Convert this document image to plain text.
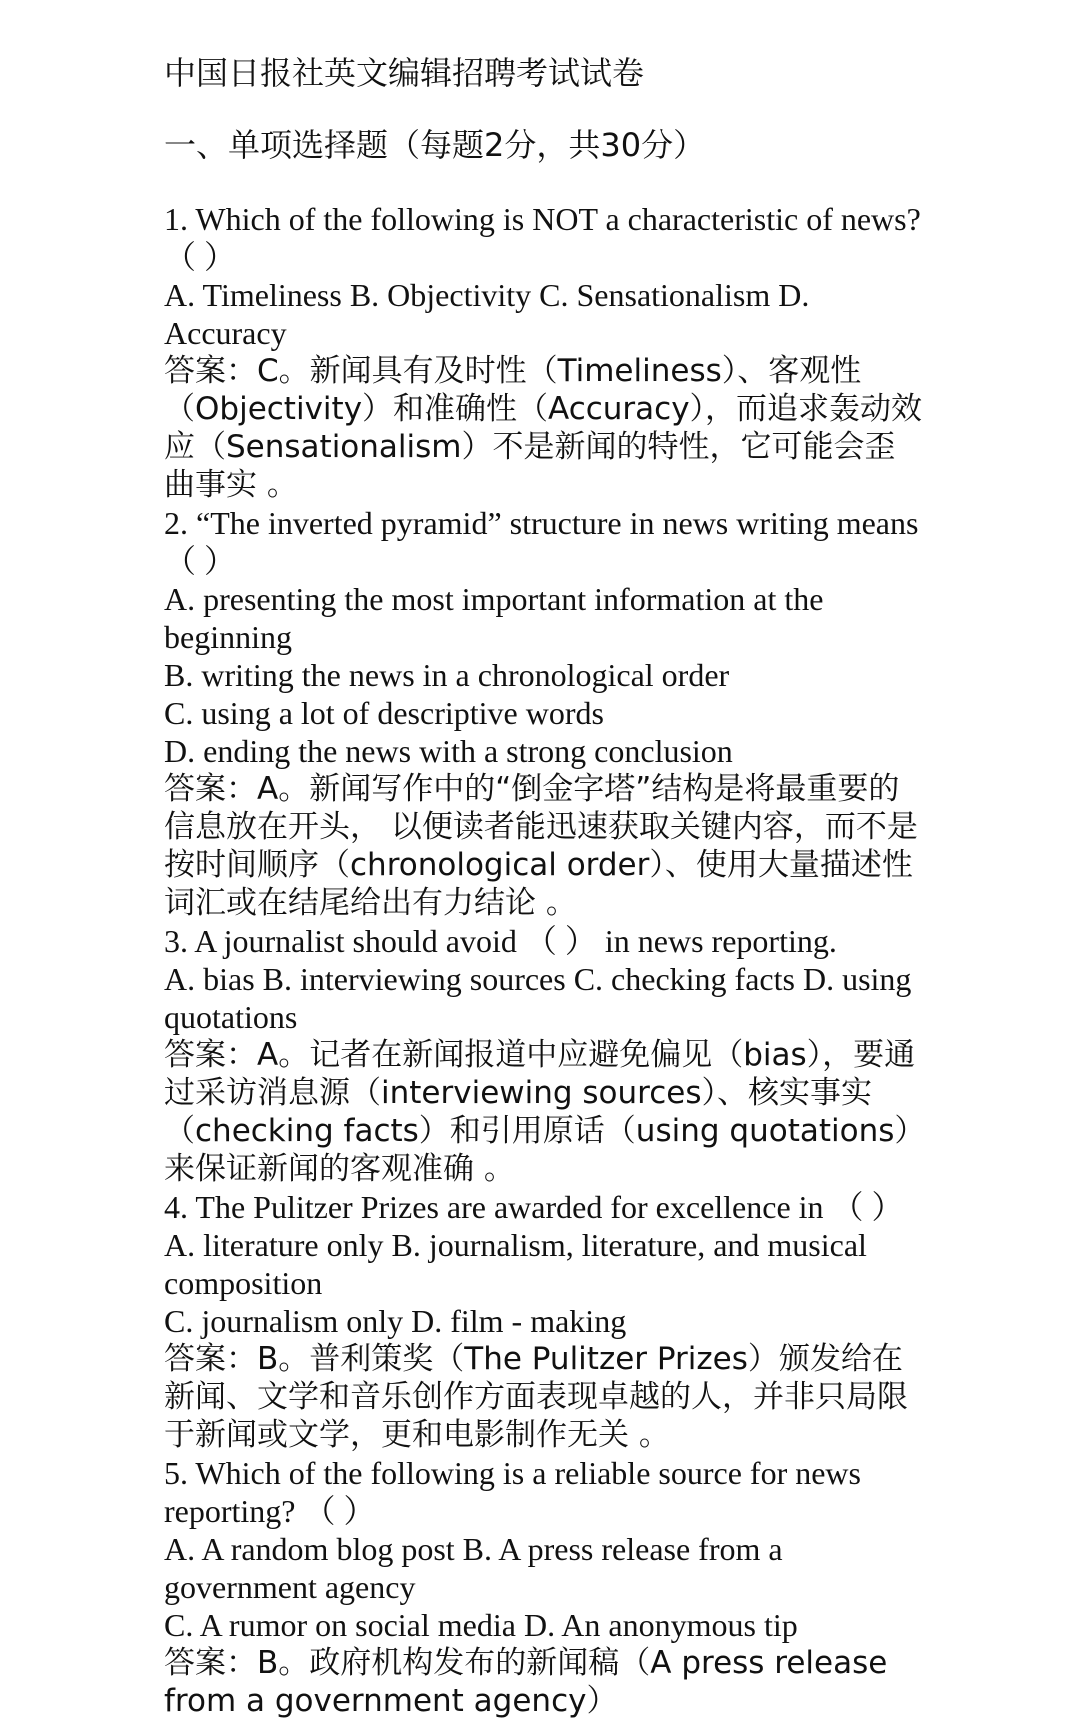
中国日报社英文编辑招聘考试试卷
一、单项选择题（每题2分，共30分）
1. Which of the following is NOT a characteristic of news? （ ）
A. Timeliness B. Objectivity C. Sensationalism D. Accuracy
答案：C。新闻具有及时性（Timeliness）、客观性（Objectivity）和准确性（Accuracy），而追求轰动效应（Sensationalism）不是新闻的特性，它可能会歪曲事实 。
2. “The inverted pyramid” structure in news writing means （ ）
A. presenting the most important information at the beginning
B. writing the news in a chronological order
C. using a lot of descriptive words
D. ending the news with a strong conclusion
答案：A。新闻写作中的“倒金字塔”结构是将最重要的信息放在开头， 以便读者能迅速获取关键内容，而不是按时间顺序（chronological order）、使用大量描述性词汇或在结尾给出有力结论 。
3. A journalist should avoid （ ） in news reporting.
A. bias B. interviewing sources C. checking facts D. using quotations
答案：A。记者在新闻报道中应避免偏见（bias），要通过采访消息源（interviewing sources）、核实事实（checking facts）和引用原话（using quotations）来保证新闻的客观准确 。
4. The Pulitzer Prizes are awarded for excellence in （ ）
A. literature only B. journalism, literature, and musical composition
C. journalism only D. film - making
答案：B。普利策奖（The Pulitzer Prizes）颁发给在新闻、文学和音乐创作方面表现卓越的人，并非只局限于新闻或文学，更和电影制作无关 。
5. Which of the following is a reliable source for news reporting? （ ）
A. A random blog post B. A press release from a government agency
C. A rumor on social media D. An anonymous tip
答案：B。政府机构发布的新闻稿（A press release from a government agency）
